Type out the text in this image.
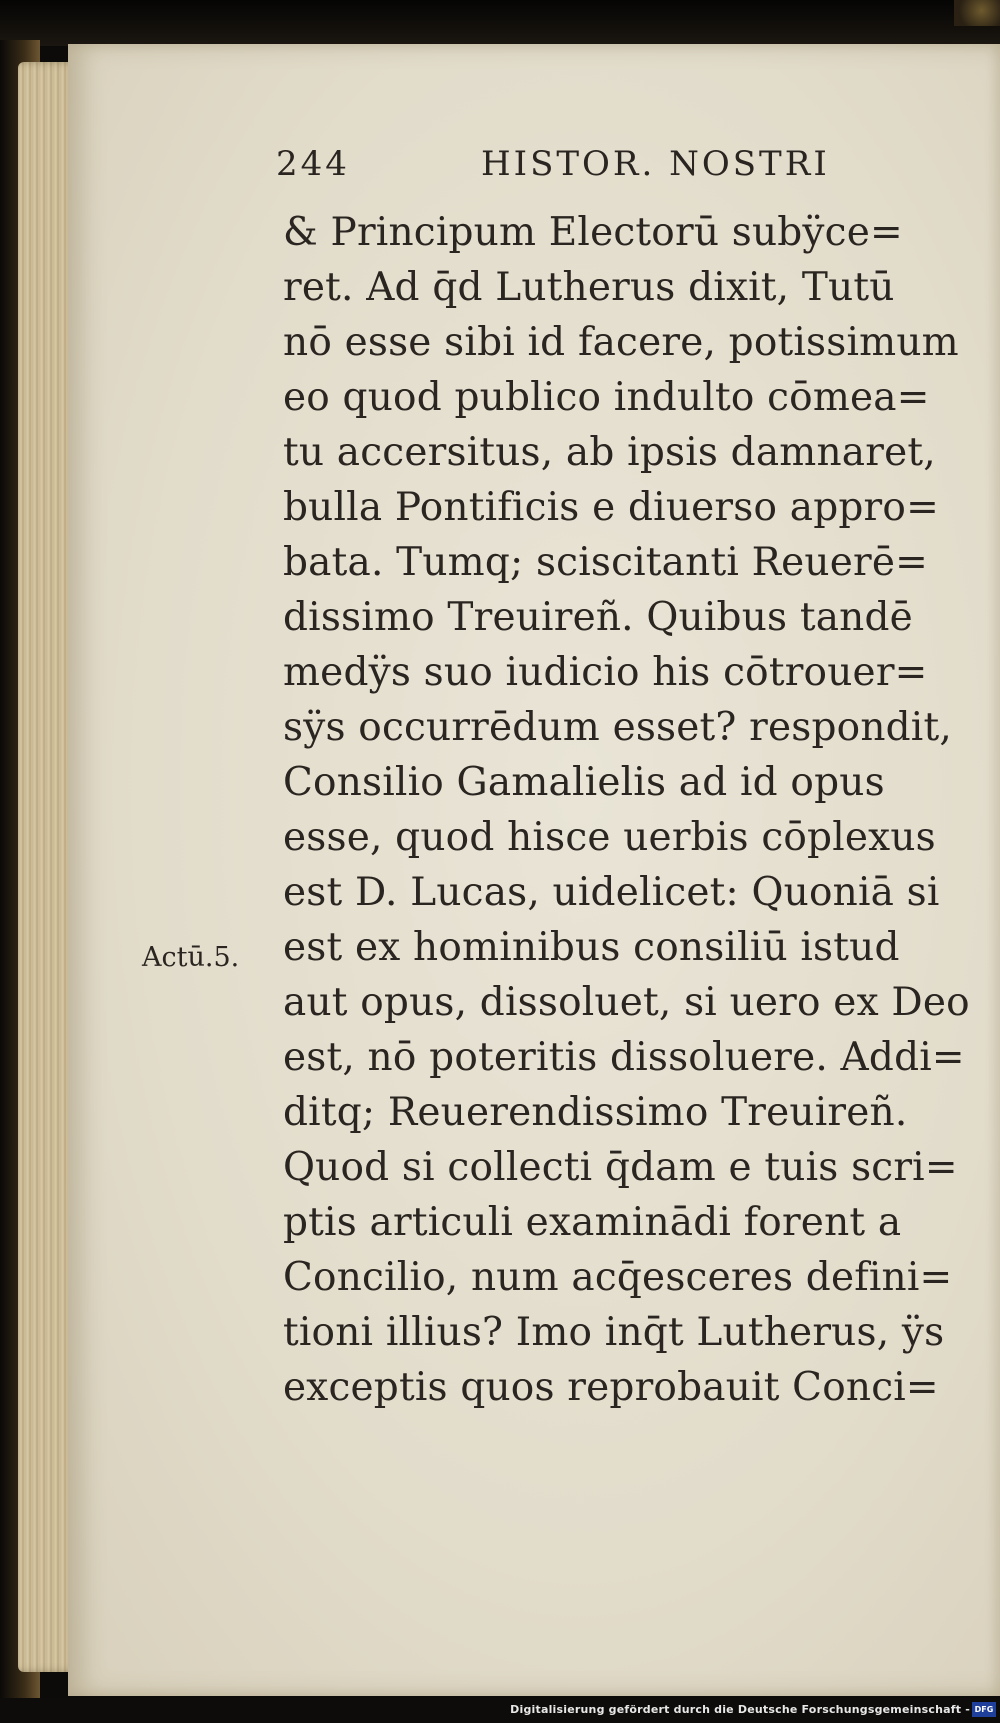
244	HISTOR. NOSTRI
Actū.5.
& Principum Electorū subÿce=
ret. Ad q̄d Lutherus dixit, Tutū
nō esse sibi id facere, potissimum
eo quod publico indulto cōmea=
tu accersitus, ab ipsis damnaret,
bulla Pontificis e diuerso appro=
bata. Tumq; sciscitanti Reuerē=
dissimo Treuireñ. Quibus tandē
medÿs suo iudicio his cōtrouer=
sÿs occurrēdum esset? respondit,
Consilio Gamalielis ad id opus
esse, quod hisce uerbis cōplexus
est D. Lucas, uidelicet: Quoniā si
est ex hominibus consiliū istud
aut opus, dissoluet, si uero ex Deo
est, nō poteritis dissoluere. Addi=
ditq; Reuerendissimo Treuireñ.
Quod si collecti q̄dam e tuis scri=
ptis articuli examinādi forent a
Concilio, num acq̄esceres defini=
tioni illius? Imo inq̄t Lutherus, ÿs
exceptis quos reprobauit Conci=
Digitalisierung gefördert durch die Deutsche Forschungsgemeinschaft - DFG
